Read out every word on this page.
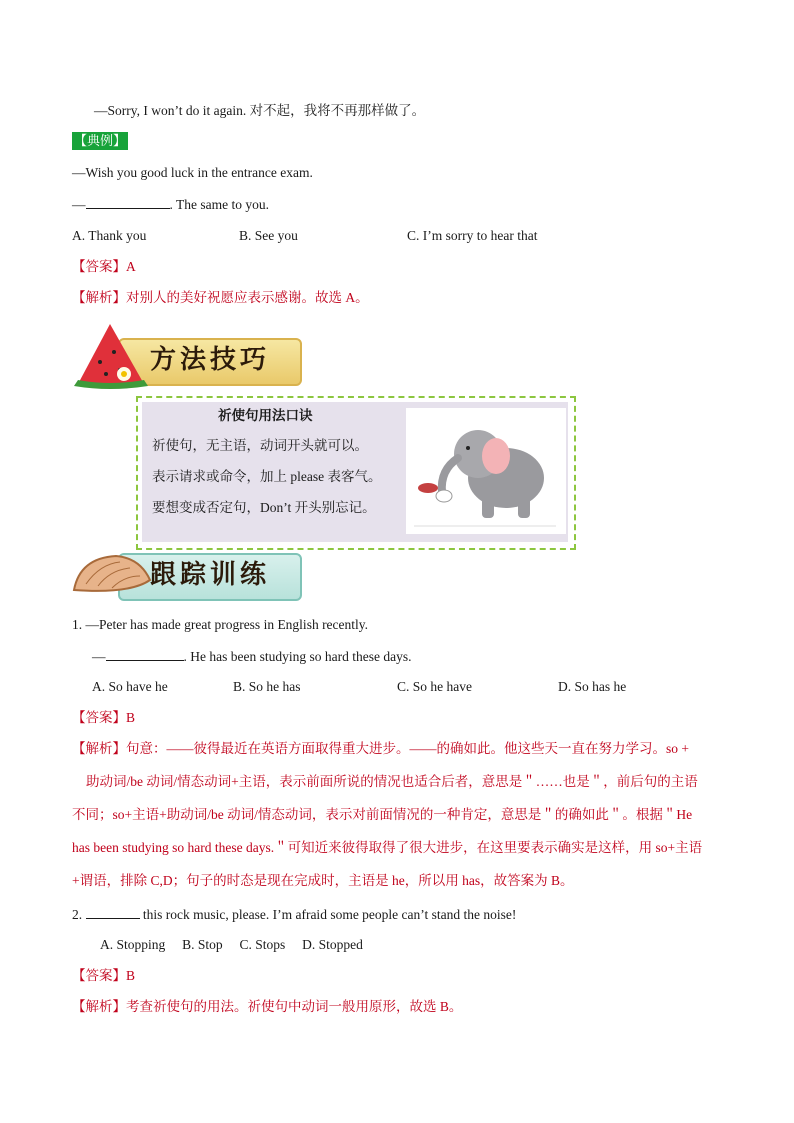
—Sorry, I won’t do it again. 对不起，我将不再那样做了。
【典例】
—Wish you good luck in the entrance exam.
—	. The same to you.
A. Thank you	B. See you	C. I’m sorry to hear that
【答案】A
【解析】对别人的美好祝愿应表示感谢。故选 A。
方法技巧
祈使句用法口诀
祈使句，无主语，动词开头就可以。
表示请求或命令，加上 please 表客气。
要想变成否定句，Don’t 开头别忘记。
跟踪训练
1. —Peter has made great progress in English recently.
—	. He has been studying so hard these days.
A. So have he	B. So he has	C. So he have	D. So has he
【答案】B
【解析】句意：——彼得最近在英语方面取得重大进步。——的确如此。他这些天一直在努力学习。so +
助动词/be 动词/情态动词+主语，表示前面所说的情况也适合后者，意思是＂……也是＂，前后句的主语
不同；so+主语+助动词/be 动词/情态动词，表示对前面情况的一种肯定，意思是＂的确如此＂。根据＂He
has been studying so hard these days.＂可知近来彼得取得了很大进步，在这里要表示确实是这样，用 so+主语
+谓语，排除 C,D；句子的时态是现在完成时，主语是 he，所以用 has，故答案为 B。
2.	this rock music, please. I’m afraid some people can’t stand the noise!
A. Stopping     B. Stop     C. Stops     D. Stopped
【答案】B
【解析】考查祈使句的用法。祈使句中动词一般用原形，故选 B。
